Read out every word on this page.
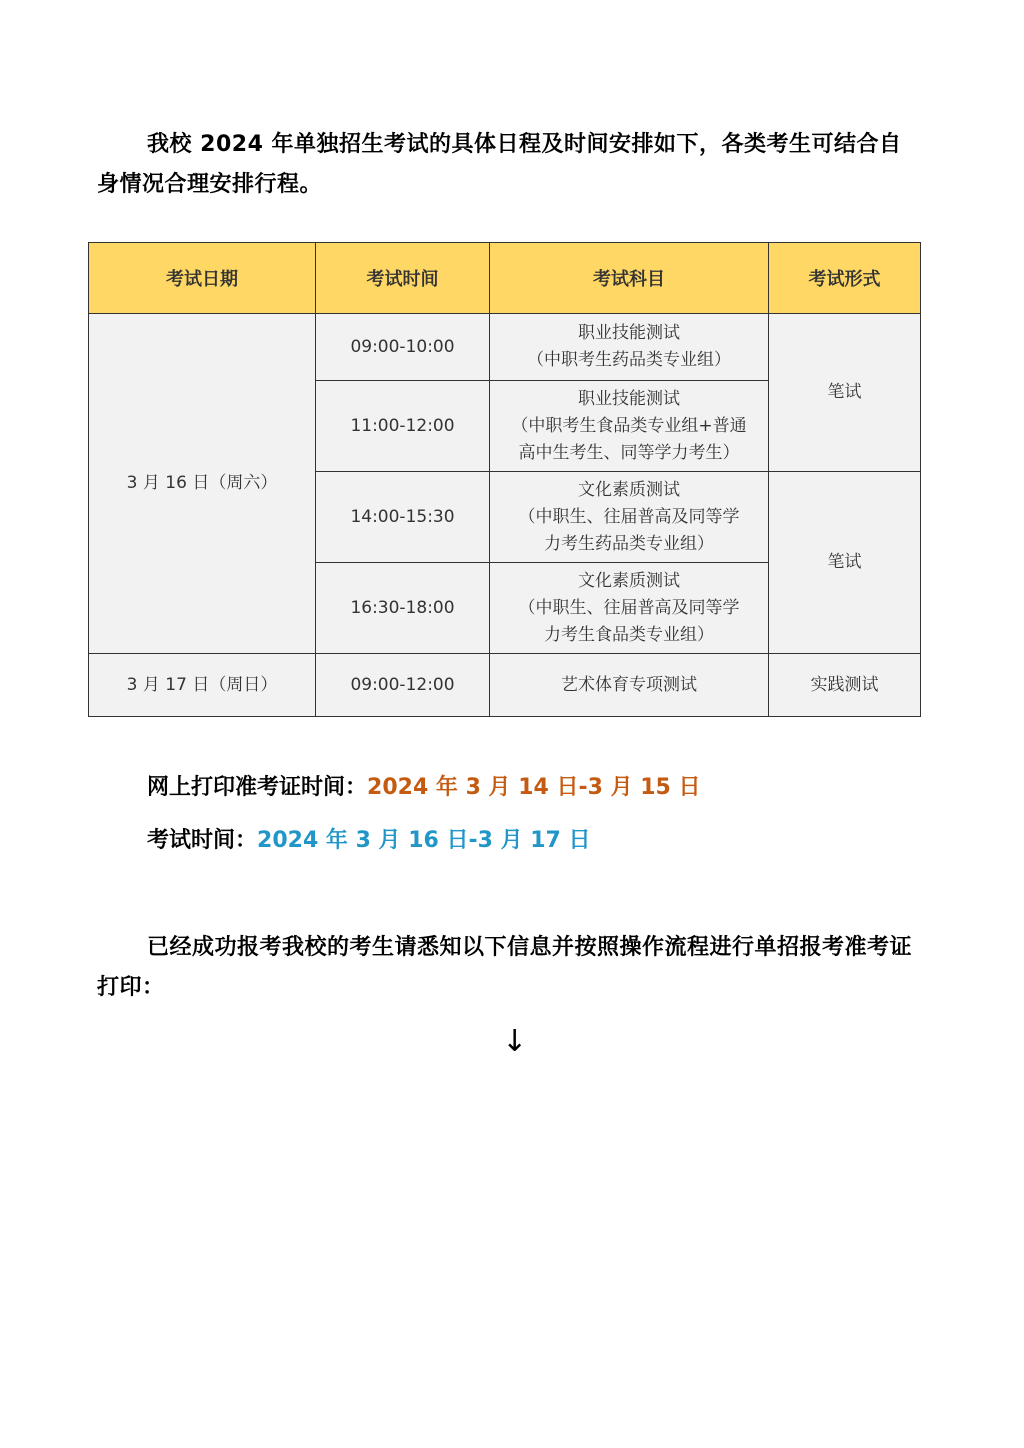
我校 2024 年单独招生考试的具体日程及时间安排如下，各类考生可结合自身情况合理安排行程。
考试日期	考试时间	考试科目	考试形式
3 月 16 日（周六）	09:00-10:00	职业技能测试
（中职考生药品类专业组）	笔试
	11:00-12:00	职业技能测试
（中职考生食品类专业组+普通
高中生考生、同等学力考生）	

	14:00-15:30	文化素质测试
（中职生、往届普高及同等学
力考生药品类专业组）	笔试
	16:30-18:00	文化素质测试
（中职生、往届普高及同等学
力考生食品类专业组）	

3 月 17 日（周日）	09:00-12:00	艺术体育专项测试	实践测试
网上打印准考证时间：2024 年 3 月 14 日-3 月 15 日
考试时间：2024 年 3 月 16 日-3 月 17 日
已经成功报考我校的考生请悉知以下信息并按照操作流程进行单招报考准考证打印：
↓
